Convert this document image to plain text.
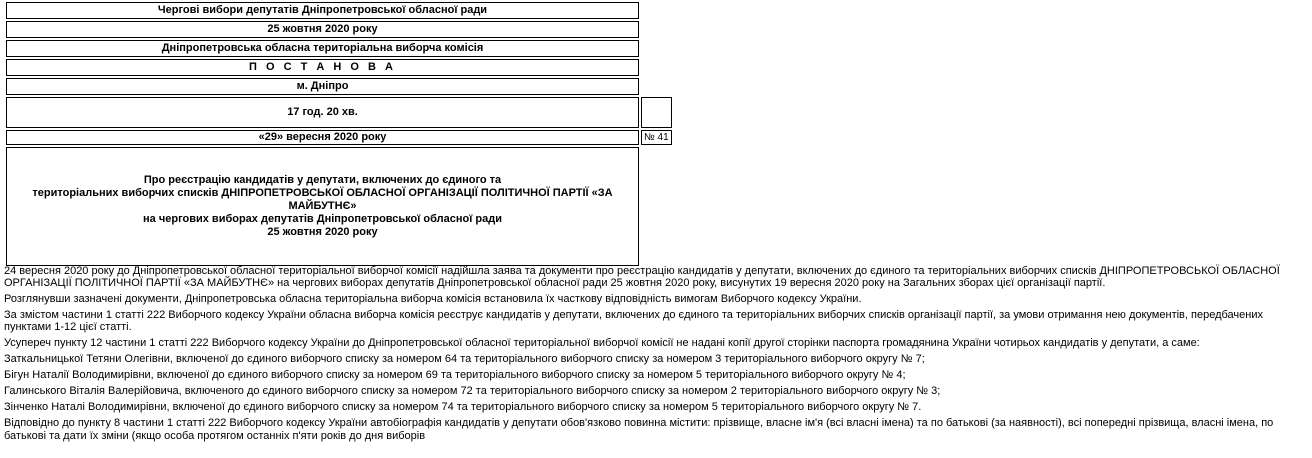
Чергові вибори депутатів Дніпропетровської обласної ради	
25 жовтня 2020 року	
Дніпропетровська обласна територіальна виборча комісія	
П О С Т А Н О В А	
м. Дніпро	
17 год. 20 хв.	
«29» вересня 2020 року	№ 41

Про реєстрацію кандидатів у депутати, включених до єдиного та
територіальних виборчих списків ДНІПРОПЕТРОВСЬКОЇ ОБЛАСНОЇ ОРГАНІЗАЦІЇ ПОЛІТИЧНОЇ ПАРТІЇ «ЗА МАЙБУТНЄ»
на чергових виборах депутатів Дніпропетровської обласної ради
25 жовтня 2020 року	

24 вересня 2020 року до Дніпропетровської обласної територіальної виборчої комісії надійшла заява та документи про реєстрацію кандидатів у депутати, включених до єдиного та територіальних виборчих списків ДНІПРОПЕТРОВСЬКОЇ ОБЛАСНОЇ ОРГАНІЗАЦІЇ ПОЛІТИЧНОЇ ПАРТІЇ «ЗА МАЙБУТНЄ» на чергових виборах депутатів Дніпропетровської обласної ради 25 жовтня 2020 року, висунутих 19 вересня 2020 року на Загальних зборах цієї організації партії.

Розглянувши зазначені документи, Дніпропетровська обласна територіальна виборча комісія встановила їх часткову відповідність вимогам Виборчого кодексу України.

За змістом частини 1 статті 222 Виборчого кодексу України обласна виборча комісія реєструє кандидатів у депутати, включених до єдиного та територіальних виборчих списків організації партії, за умови отримання нею документів, передбачених пунктами 1-12 цієї статті.

Усупереч пункту 12 частини 1 статті 222 Виборчого кодексу України до Дніпропетровської обласної територіальної виборчої комісії не надані копії другої сторінки паспорта громадянина України чотирьох кандидатів у депутати, а саме:

Заткальницької Тетяни Олегівни, включеної до єдиного виборчого списку за номером 64 та територіального виборчого списку за номером 3 територіального виборчого округу № 7;

Бігун Наталії Володимирівни, включеної до єдиного виборчого списку за номером 69 та територіального виборчого списку за номером 5 територіального виборчого округу № 4;

Галинського Віталія Валерійовича, включеного до єдиного виборчого списку за номером 72 та територіального виборчого списку за номером 2 територіального виборчого округу № 3;

Зінченко Наталі Володимирівни, включеної до єдиного виборчого списку за номером 74 та територіального виборчого списку за номером 5 територіального виборчого округу № 7.

Відповідно до пункту 8 частини 1 статті 222 Виборчого кодексу України автобіографія кандидатів у депутати обов'язково повинна містити: прізвище, власне ім'я (всі власні імена) та по батькові (за наявності), всі попередні прізвища, власні імена, по батькові та дати їх зміни (якщо особа протягом останніх п'яти років до дня виборів
